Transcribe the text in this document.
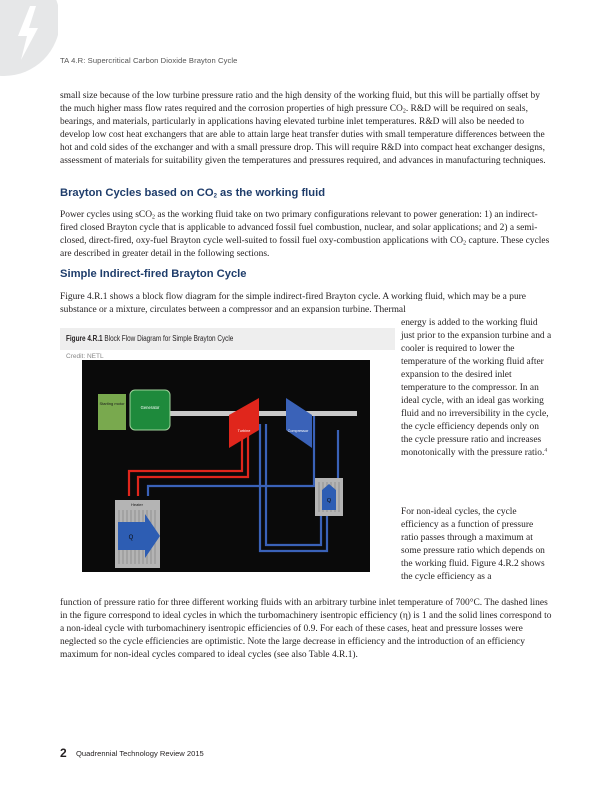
TA 4.R: Supercritical Carbon Dioxide Brayton Cycle

small size because of the low turbine pressure ratio and the high density of the working fluid, but this will be partially offset by the much higher mass flow rates required and the corrosion properties of high pressure $CO_2$. R&D will be required on seals, bearings, and materials, particularly in applications having elevated turbine inlet temperatures. R&D will also be needed to develop low cost heat exchangers that are able to attain large heat transfer duties with small temperature differences between the hot and cold sides of the exchanger and with a small pressure drop. This will require R&D into compact heat exchanger designs, assessment of materials for suitability given the temperatures and pressures required, and advances in manufacturing techniques.

Brayton Cycles based on $CO_2$ as the working fluid

Power cycles using sCO$_2$ as the working fluid take on two primary configurations relevant to power generation: 1) an indirect-fired closed Brayton cycle that is applicable to advanced fossil fuel combustion, nuclear, and solar applications; and 2) a semi-closed, direct-fired, oxy-fuel Brayton cycle well-suited to fossil fuel oxy-combustion applications with $CO_2$ capture. These cycles are described in greater detail in the following sections.

Simple Indirect-fired Brayton Cycle

Figure 4.R.1 shows a block flow diagram for the simple indirect-fired Brayton cycle. A working fluid, which may be a pure substance or a mixture, circulates between a compressor and an expansion turbine. Thermal

energy is added to the working fluid just prior to the expansion turbine and a cooler is required to lower the temperature of the working fluid after expansion to the desired inlet temperature to the compressor. In an ideal cycle, with an ideal gas working fluid and no irreversibility in the cycle, the cycle efficiency depends only on the cycle pressure ratio and increases monotonically with the pressure ratio.$^4$

For non-ideal cycles, the cycle efficiency as a function of pressure ratio passes through a maximum at some pressure ratio which depends on the working fluid. Figure 4.R.2 shows the cycle efficiency as a

function of pressure ratio for three different working fluids with an arbitrary turbine inlet temperature of 700°C. The dashed lines in the figure correspond to ideal cycles in which the turbomachinery isentropic efficiency (η) is 1 and the solid lines correspond to a non-ideal cycle with turbomachinery isentropic efficiencies of 0.9. For each of these cases, heat and pressure losses were neglected so the cycle efficiencies are optimistic. Note the large decrease in efficiency and the introduction of an efficiency maximum for non-ideal cycles compared to ideal cycles (see also Table 4.R.1).

Figure 4.R.1 Block Flow Diagram for Simple Brayton Cycle
Credit: NETL
Starting motor
Generator
Turbine	Compressor
Heater
Q
Q
2 Quadrennial Technology Review 2015
